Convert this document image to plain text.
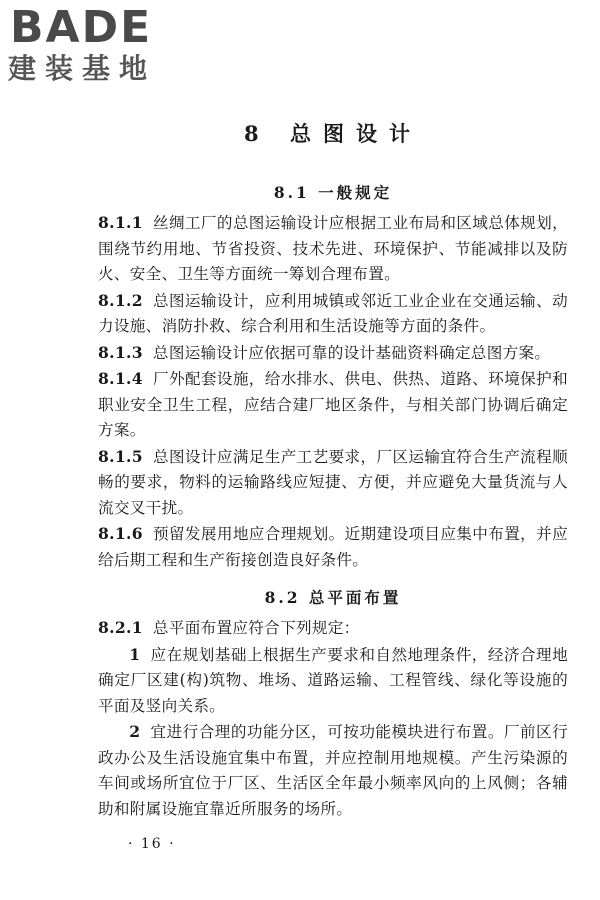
BADE
建装基地
8 总图设计
8.1 一般规定

8.1.1 丝绸工厂的总图运输设计应根据工业布局和区域总体规划，围绕节约用地、节省投资、技术先进、环境保护、节能减排以及防火、安全、卫生等方面统一筹划合理布置。

8.1.2 总图运输设计，应利用城镇或邻近工业企业在交通运输、动力设施、消防扑救、综合利用和生活设施等方面的条件。

8.1.3 总图运输设计应依据可靠的设计基础资料确定总图方案。

8.1.4 厂外配套设施，给水排水、供电、供热、道路、环境保护和职业安全卫生工程，应结合建厂地区条件，与相关部门协调后确定方案。

8.1.5 总图设计应满足生产工艺要求，厂区运输宜符合生产流程顺畅的要求，物料的运输路线应短捷、方便，并应避免大量货流与人流交叉干扰。

8.1.6 预留发展用地应合理规划。近期建设项目应集中布置，并应给后期工程和生产衔接创造良好条件。

8.2 总平面布置

8.2.1 总平面布置应符合下列规定：

1 应在规划基础上根据生产要求和自然地理条件，经济合理地确定厂区建(构)筑物、堆场、道路运输、工程管线、绿化等设施的平面及竖向关系。

2 宜进行合理的功能分区，可按功能模块进行布置。厂前区行政办公及生活设施宜集中布置，并应控制用地规模。产生污染源的车间或场所宜位于厂区、生活区全年最小频率风向的上风侧；各辅助和附属设施宜靠近所服务的场所。

· 16 ·
